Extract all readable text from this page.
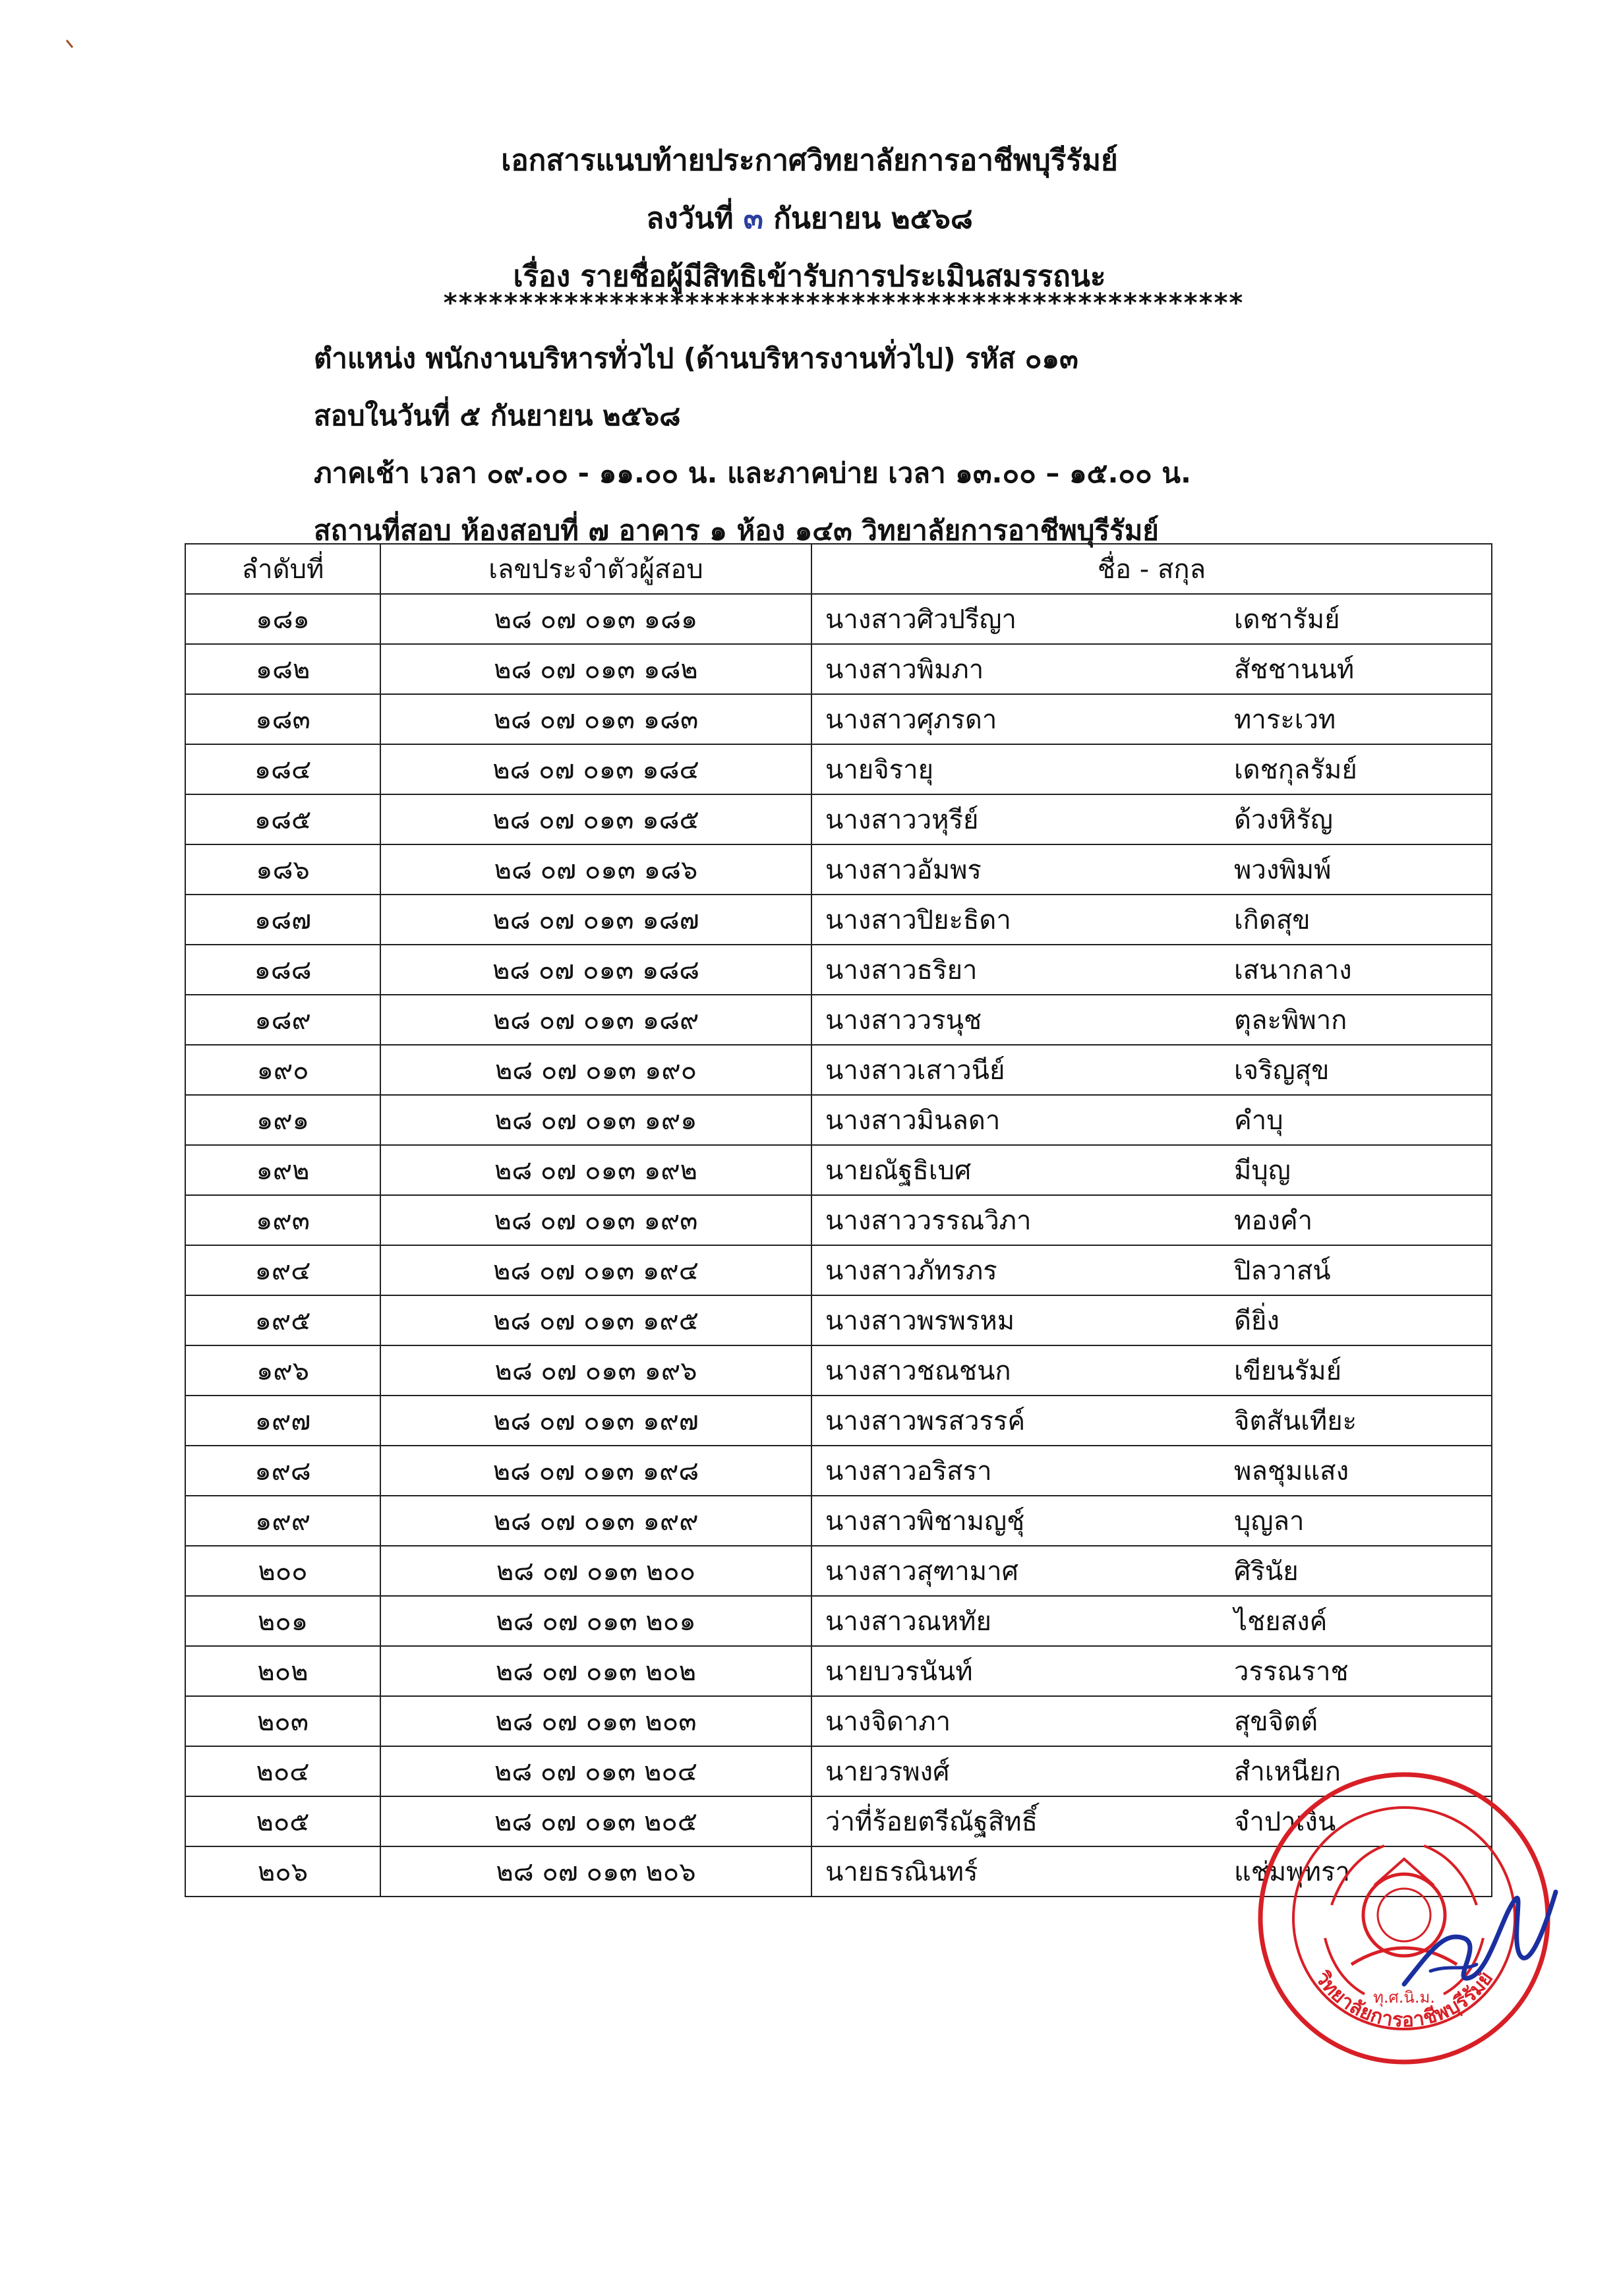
เอกสารแนบท้ายประกาศวิทยาลัยการอาชีพบุรีรัมย์
ลงวันที่ ๓ กันยายน ๒๕๖๘
เรื่อง รายชื่อผู้มีสิทธิเข้ารับการประเมินสมรรถนะ
*****************************************************
ตำแหน่ง พนักงานบริหารทั่วไป (ด้านบริหารงานทั่วไป) รหัส ๐๑๓
สอบในวันที่ ๕ กันยายน ๒๕๖๘
ภาคเช้า เวลา ๐๙.๐๐ - ๑๑.๐๐ น. และภาคบ่าย เวลา ๑๓.๐๐ – ๑๕.๐๐ น.
สถานที่สอบ ห้องสอบที่ ๗ อาคาร ๑ ห้อง ๑๔๓ วิทยาลัยการอาชีพบุรีรัมย์
ลำดับที่	เลขประจำตัวผู้สอบ	ชื่อ - สกุล
๑๘๑	๒๘ ๐๗ ๐๑๓ ๑๘๑	นางสาวศิวปรีญา เดชารัมย์

๑๘๒	๒๘ ๐๗ ๐๑๓ ๑๘๒	นางสาวพิมภา สัชชานนท์

๑๘๓	๒๘ ๐๗ ๐๑๓ ๑๘๓	นางสาวศุภรดา ทาระเวท

๑๘๔	๒๘ ๐๗ ๐๑๓ ๑๘๔	นายจิรายุ เดชกุลรัมย์

๑๘๕	๒๘ ๐๗ ๐๑๓ ๑๘๕	นางสาววหุรีย์ ด้วงหิรัญ

๑๘๖	๒๘ ๐๗ ๐๑๓ ๑๘๖	นางสาวอัมพร พวงพิมพ์

๑๘๗	๒๘ ๐๗ ๐๑๓ ๑๘๗	นางสาวปิยะธิดา เกิดสุข

๑๘๘	๒๘ ๐๗ ๐๑๓ ๑๘๘	นางสาวธริยา เสนากลาง

๑๘๙	๒๘ ๐๗ ๐๑๓ ๑๘๙	นางสาววรนุช ตุละพิพาก

๑๙๐	๒๘ ๐๗ ๐๑๓ ๑๙๐	นางสาวเสาวนีย์ เจริญสุข

๑๙๑	๒๘ ๐๗ ๐๑๓ ๑๙๑	นางสาวมินลดา คำบุ

๑๙๒	๒๘ ๐๗ ๐๑๓ ๑๙๒	นายณัฐธิเบศ มีบุญ

๑๙๓	๒๘ ๐๗ ๐๑๓ ๑๙๓	นางสาววรรณวิภา ทองคำ

๑๙๔	๒๘ ๐๗ ๐๑๓ ๑๙๔	นางสาวภัทรภร ปิลวาสน์

๑๙๕	๒๘ ๐๗ ๐๑๓ ๑๙๕	นางสาวพรพรหม ดียิ่ง

๑๙๖	๒๘ ๐๗ ๐๑๓ ๑๙๖	นางสาวชณชนก เขียนรัมย์

๑๙๗	๒๘ ๐๗ ๐๑๓ ๑๙๗	นางสาวพรสวรรค์ จิตสันเทียะ

๑๙๘	๒๘ ๐๗ ๐๑๓ ๑๙๘	นางสาวอริสรา พลชุมแสง

๑๙๙	๒๘ ๐๗ ๐๑๓ ๑๙๙	นางสาวพิชามญชุ์ บุญลา

๒๐๐	๒๘ ๐๗ ๐๑๓ ๒๐๐	นางสาวสุฑามาศ ศิรินัย

๒๐๑	๒๘ ๐๗ ๐๑๓ ๒๐๑	นางสาวณหทัย ไชยสงค์

๒๐๒	๒๘ ๐๗ ๐๑๓ ๒๐๒	นายบวรนันท์ วรรณราช

๒๐๓	๒๘ ๐๗ ๐๑๓ ๒๐๓	นางจิดาภา สุขจิตต์

๒๐๔	๒๘ ๐๗ ๐๑๓ ๒๐๔	นายวรพงศ์ สำเหนียก

๒๐๕	๒๘ ๐๗ ๐๑๓ ๒๐๕	ว่าที่ร้อยตรีณัฐสิทธิ์ จำปาเงิน

๒๐๖	๒๘ ๐๗ ๐๑๓ ๒๐๖	นายธรณินทร์ แช่มพุทรา
วิทยาลัยการอาชีพบุรีรัมย์
ทุ.ศ.นิ.ม.
